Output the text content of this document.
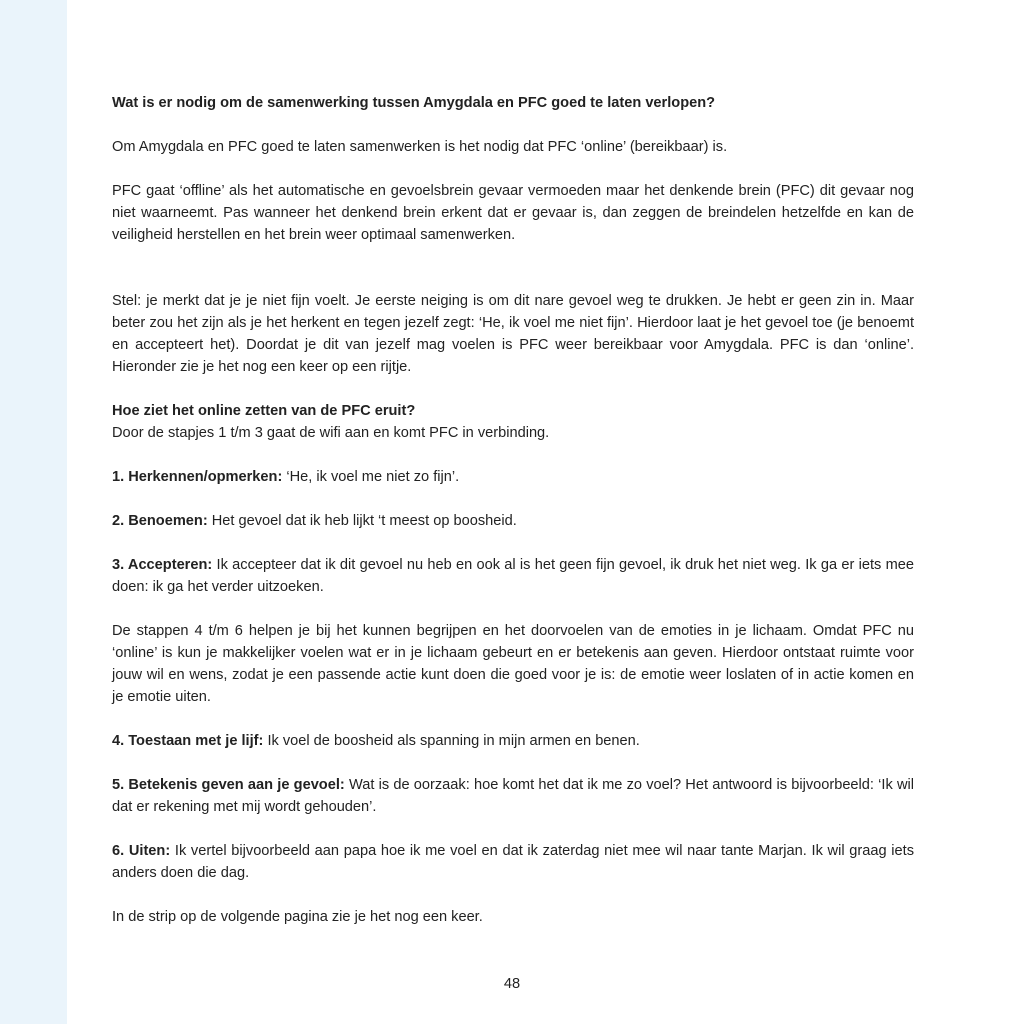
Wat is er nodig om de samenwerking tussen Amygdala en PFC goed te laten verlopen?

Om Amygdala en PFC goed te laten samenwerken is het nodig dat PFC ‘online’ (bereikbaar) is.

PFC gaat ‘offline’ als het automatische en gevoelsbrein gevaar vermoeden maar het denkende brein (PFC) dit gevaar nog niet waarneemt. Pas wanneer het denkend brein erkent dat er gevaar is, dan zeggen de breindelen hetzelfde en kan de veiligheid herstellen en het brein weer optimaal samenwerken.

Stel: je merkt dat je je niet fijn voelt. Je eerste neiging is om dit nare gevoel weg te drukken. Je hebt er geen zin in. Maar beter zou het zijn als je het herkent en tegen jezelf zegt: ‘He, ik voel me niet fijn’. Hierdoor laat je het gevoel toe (je benoemt en accepteert het). Doordat je dit van jezelf mag voelen is PFC weer bereikbaar voor Amygdala. PFC is dan ‘online’. Hieronder zie je het nog een keer op een rijtje.

Hoe ziet het online zetten van de PFC eruit?

Door de stapjes 1 t/m 3 gaat de wifi aan en komt PFC in verbinding.

1. Herkennen/opmerken: ‘He, ik voel me niet zo fijn’.

2. Benoemen: Het gevoel dat ik heb lijkt ‘t meest op boosheid.

3. Accepteren: Ik accepteer dat ik dit gevoel nu heb en ook al is het geen fijn gevoel, ik druk het niet weg. Ik ga er iets mee doen: ik ga het verder uitzoeken.

De stappen 4 t/m 6 helpen je bij het kunnen begrijpen en het doorvoelen van de emoties in je lichaam. Omdat PFC nu ‘online’ is kun je makkelijker voelen wat er in je lichaam gebeurt en er betekenis aan geven. Hierdoor ontstaat ruimte voor jouw wil en wens, zodat je een passende actie kunt doen die goed voor je is: de emotie weer loslaten of in actie komen en je emotie uiten.

4. Toestaan met je lijf: Ik voel de boosheid als spanning in mijn armen en benen.

5. Betekenis geven aan je gevoel: Wat is de oorzaak: hoe komt het dat ik me zo voel? Het antwoord is bijvoorbeeld: ‘Ik wil dat er rekening met mij wordt gehouden’.

6. Uiten: Ik vertel bijvoorbeeld aan papa hoe ik me voel en dat ik zaterdag niet mee wil naar tante Marjan. Ik wil graag iets anders doen die dag.

In de strip op de volgende pagina zie je het nog een keer.

48
